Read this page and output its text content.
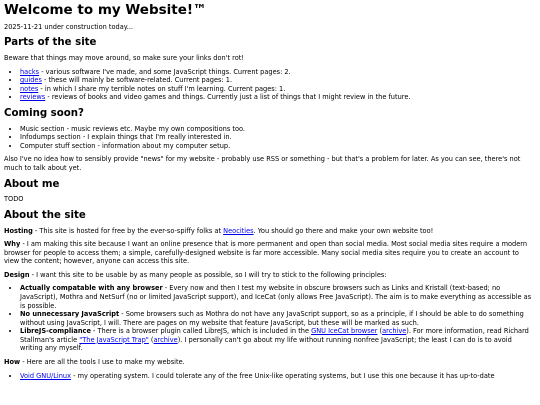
Welcome to my Website!™

2025-11-21 under construction today...

Parts of the site

Beware that things may move around, so make sure your links don't rot!

• hacks - various software I've made, and some JavaScript things. Current pages: 2.
• guides - these will mainly be software-related. Current pages: 1.
• notes - in which I share my terrible notes on stuff I'm learning. Current pages: 1.
• reviews - reviews of books and video games and things. Currently just a list of things that I might review in the future.
Coming soon?
• Music section - music reviews etc. Maybe my own compositions too.
• Infodumps section - I explain things that I'm really interested in.
• Computer stuff section - information about my computer setup.

Also I've no idea how to sensibly provide "news" for my website - probably use RSS or something - but that's a problem for later. As you can see, there's not much to talk about yet.

About me

TODO

About the site

Hosting - This site is hosted for free by the ever-so-spiffy folks at Neocities. You should go there and make your own website too!

Why - I am making this site because I want an online presence that is more permanent and open than social media. Most social media sites require a modern browser for people to access them; a simple, carefully-designed website is far more accessible. Many social media sites require you to create an account to view the content; however, anyone can access this site.

Design - I want this site to be usable by as many people as possible, so I will try to stick to the following principles:

• Actually compatable with any browser - Every now and then I test my website in obscure browsers such as Links and Kristall (text-based; no JavaScript), Mothra and NetSurf (no or limited JavaScript support), and IceCat (only allows Free JavaScript). The aim is to make everything as accessible as is possible.
• No unnecessary JavaScript - Some browsers such as Mothra do not have any JavaScript support, so as a principle, if I should be able to do something without using JavaScript, I will. There are pages on my website that feature JavaScript, but these will be marked as such.
• LibreJS-compliance - There is a browser plugin called LibreJS, which is included in the GNU IceCat browser (archive). For more information, read Richard Stallman's article "The JavaScript Trap" (archive). I personally can't go about my life without running nonfree JavaScript; the least I can do is to avoid writing any myself.

How - Here are all the tools I use to make my website.

• Void GNU/Linux - my operating system. I could tolerate any of the free Unix-like operating systems, but I use this one because it has up-to-date
